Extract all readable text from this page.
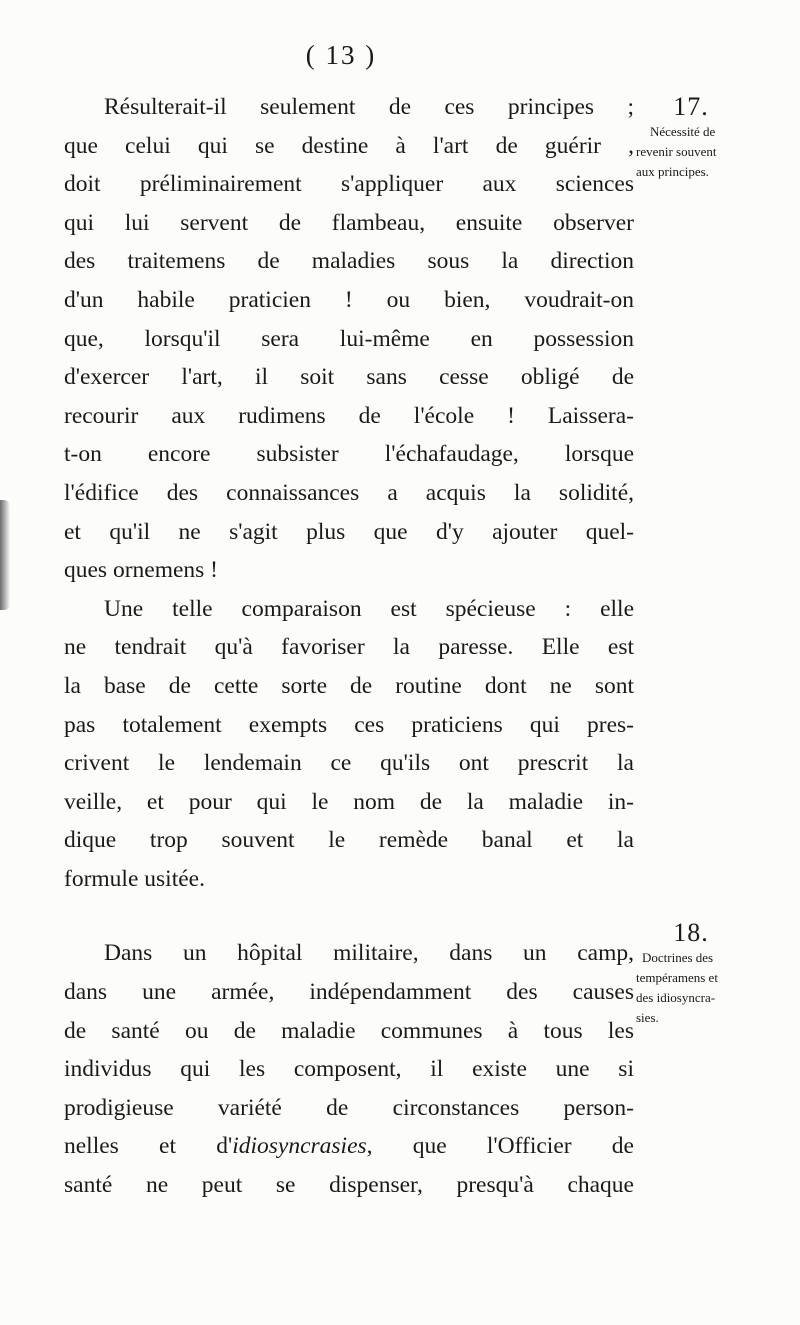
( 13 )

Résulterait-il seulement de ces principes ;
que celui qui se destine à l'art de guérir ,
doit préliminairement s'appliquer aux sciences
qui lui servent de flambeau, ensuite observer
des traitemens de maladies sous la direction
d'un habile praticien ! ou bien, voudrait-on
que, lorsqu'il sera lui-même en possession
d'exercer l'art, il soit sans cesse obligé de
recourir aux rudimens de l'école ! Laissera-
t-on encore subsister l'échafaudage, lorsque
l'édifice des connaissances a acquis la solidité,
et qu'il ne s'agit plus que d'y ajouter quel-
ques ornemens !

Une telle comparaison est spécieuse : elle
ne tendrait qu'à favoriser la paresse. Elle est
la base de cette sorte de routine dont ne sont
pas totalement exempts ces praticiens qui pres-
crivent le lendemain ce qu'ils ont prescrit la
veille, et pour qui le nom de la maladie in-
dique trop souvent le remède banal et la
formule usitée.

Dans un hôpital militaire, dans un camp,
dans une armée, indépendamment des causes
de santé ou de maladie communes à tous les
individus qui les composent, il existe une si
prodigieuse variété de circonstances person-
nelles et d'idiosyncrasies, que l'Officier de
santé ne peut se dispenser, presqu'à chaque

17.
Nécessité de
revenir souvent
aux principes.
18.
Doctrines des
tempéramens et
des idiosyncra-
sies.
